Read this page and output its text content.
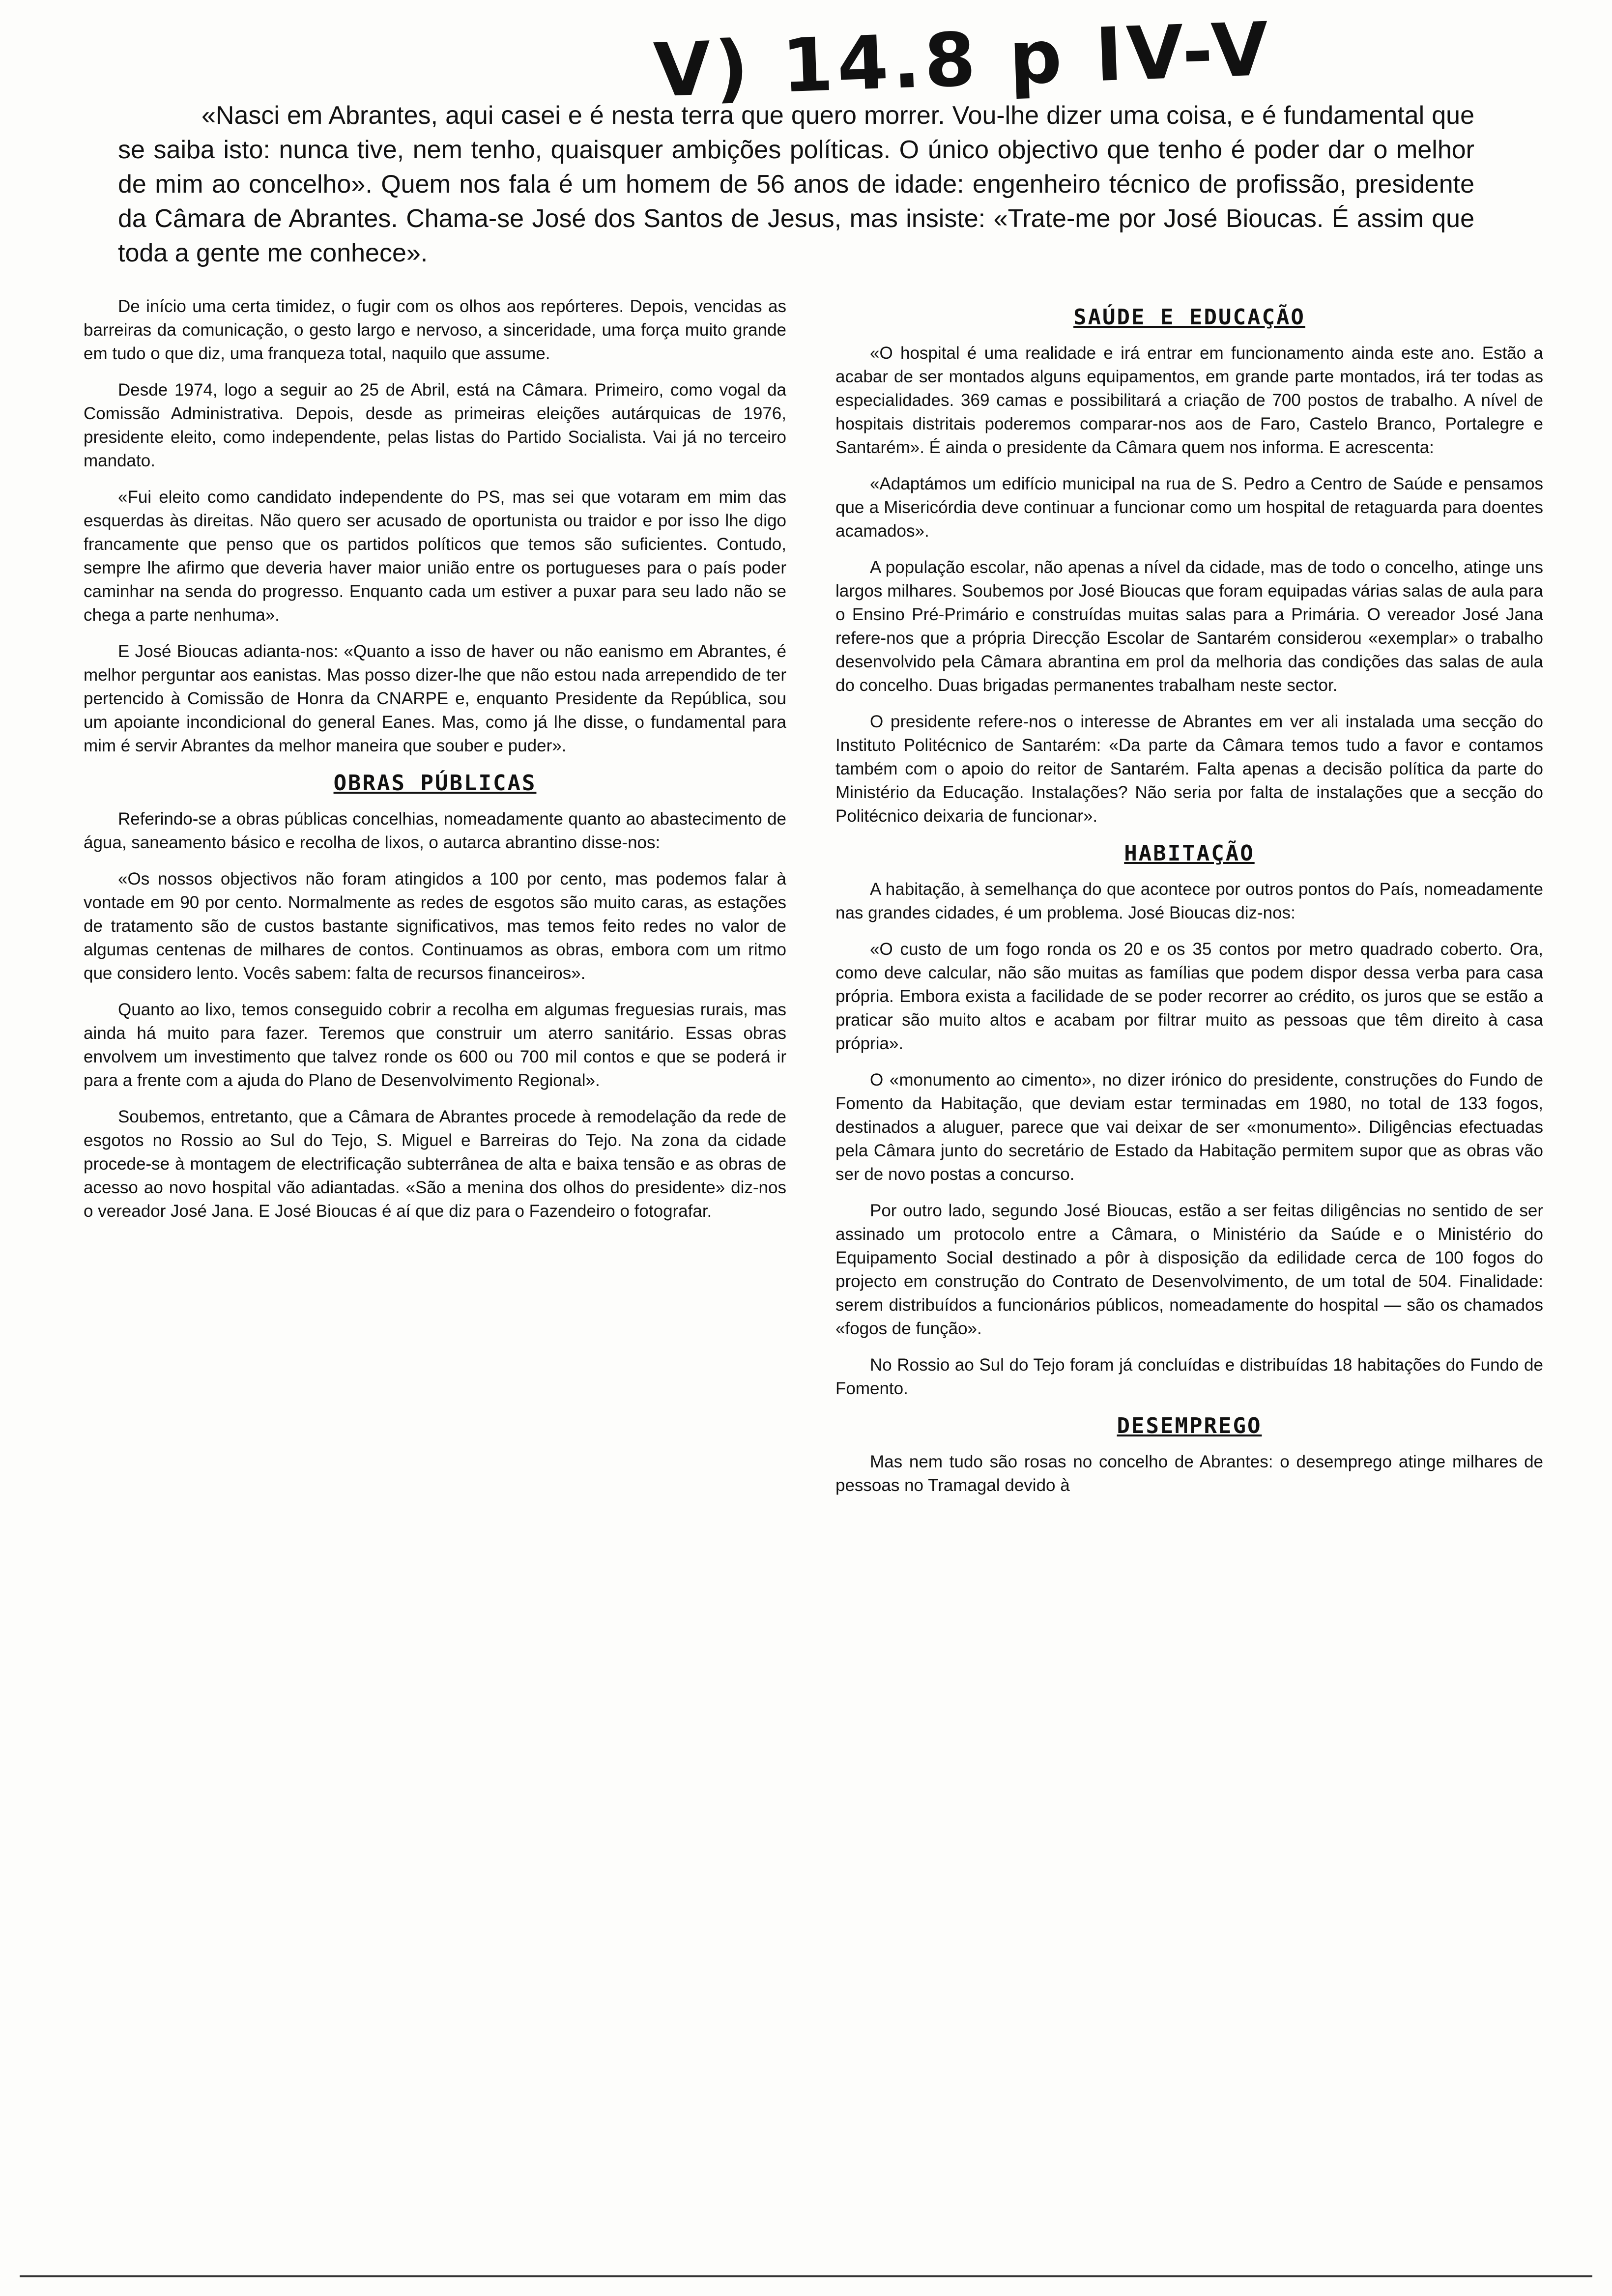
V) 14.8 p IV-V

«Nasci em Abrantes, aqui casei e é nesta terra que quero morrer. Vou-lhe dizer uma coisa, e é fundamental que se saiba isto: nunca tive, nem tenho, quaisquer ambições políticas. O único objectivo que tenho é poder dar o melhor de mim ao concelho». Quem nos fala é um homem de 56 anos de idade: engenheiro técnico de profissão, presidente da Câmara de Abrantes. Chama-se José dos Santos de Jesus, mas insiste: «Trate-me por José Bioucas. É assim que toda a gente me conhece».

De início uma certa timidez, o fugir com os olhos aos repórteres. Depois, vencidas as barreiras da comunicação, o gesto largo e nervoso, a sinceridade, uma força muito grande em tudo o que diz, uma franqueza total, naquilo que assume.

Desde 1974, logo a seguir ao 25 de Abril, está na Câmara. Primeiro, como vogal da Comissão Administrativa. Depois, desde as primeiras eleições autárquicas de 1976, presidente eleito, como independente, pelas listas do Partido Socialista. Vai já no terceiro mandato.

«Fui eleito como candidato independente do PS, mas sei que votaram em mim das esquerdas às direitas. Não quero ser acusado de oportunista ou traidor e por isso lhe digo francamente que penso que os partidos políticos que temos são suficientes. Contudo, sempre lhe afirmo que deveria haver maior união entre os portugueses para o país poder caminhar na senda do progresso. Enquanto cada um estiver a puxar para seu lado não se chega a parte nenhuma».

E José Bioucas adianta-nos: «Quanto a isso de haver ou não eanismo em Abrantes, é melhor perguntar aos eanistas. Mas posso dizer-lhe que não estou nada arrependido de ter pertencido à Comissão de Honra da CNARPE e, enquanto Presidente da República, sou um apoiante incondicional do general Eanes. Mas, como já lhe disse, o fundamental para mim é servir Abrantes da melhor maneira que souber e puder».

OBRAS PÚBLICAS

Referindo-se a obras públicas concelhias, nomeadamente quanto ao abastecimento de água, saneamento básico e recolha de lixos, o autarca abrantino disse-nos:

«Os nossos objectivos não foram atingidos a 100 por cento, mas podemos falar à vontade em 90 por cento. Normalmente as redes de esgotos são muito caras, as estações de tratamento são de custos bastante significativos, mas temos feito redes no valor de algumas centenas de milhares de contos. Continuamos as obras, embora com um ritmo que considero lento. Vocês sabem: falta de recursos financeiros».

Quanto ao lixo, temos conseguido cobrir a recolha em algumas freguesias rurais, mas ainda há muito para fazer. Teremos que construir um aterro sanitário. Essas obras envolvem um investimento que talvez ronde os 600 ou 700 mil contos e que se poderá ir para a frente com a ajuda do Plano de Desenvolvimento Regional».

Soubemos, entretanto, que a Câmara de Abrantes procede à remodelação da rede de esgotos no Rossio ao Sul do Tejo, S. Miguel e Barreiras do Tejo. Na zona da cidade procede-se à montagem de electrificação subterrânea de alta e baixa tensão e as obras de acesso ao novo hospital vão adiantadas. «São a menina dos olhos do presidente» diz-nos o vereador José Jana. E José Bioucas é aí que diz para o Fazendeiro o fotografar.

SAÚDE E EDUCAÇÃO

«O hospital é uma realidade e irá entrar em funcionamento ainda este ano. Estão a acabar de ser montados alguns equipamentos, em grande parte montados, irá ter todas as especialidades. 369 camas e possibilitará a criação de 700 postos de trabalho. A nível de hospitais distritais poderemos comparar-nos aos de Faro, Castelo Branco, Portalegre e Santarém». É ainda o presidente da Câmara quem nos informa. E acrescenta:

«Adaptámos um edifício municipal na rua de S. Pedro a Centro de Saúde e pensamos que a Misericórdia deve continuar a funcionar como um hospital de retaguarda para doentes acamados».

A população escolar, não apenas a nível da cidade, mas de todo o concelho, atinge uns largos milhares. Soubemos por José Bioucas que foram equipadas várias salas de aula para o Ensino Pré-Primário e construídas muitas salas para a Primária. O vereador José Jana refere-nos que a própria Direcção Escolar de Santarém considerou «exemplar» o trabalho desenvolvido pela Câmara abrantina em prol da melhoria das condições das salas de aula do concelho. Duas brigadas permanentes trabalham neste sector.

O presidente refere-nos o interesse de Abrantes em ver ali instalada uma secção do Instituto Politécnico de Santarém: «Da parte da Câmara temos tudo a favor e contamos também com o apoio do reitor de Santarém. Falta apenas a decisão política da parte do Ministério da Educação. Instalações? Não seria por falta de instalações que a secção do Politécnico deixaria de funcionar».

HABITAÇÃO

A habitação, à semelhança do que acontece por outros pontos do País, nomeadamente nas grandes cidades, é um problema. José Bioucas diz-nos:

«O custo de um fogo ronda os 20 e os 35 contos por metro quadrado coberto. Ora, como deve calcular, não são muitas as famílias que podem dispor dessa verba para casa própria. Embora exista a facilidade de se poder recorrer ao crédito, os juros que se estão a praticar são muito altos e acabam por filtrar muito as pessoas que têm direito à casa própria».

O «monumento ao cimento», no dizer irónico do presidente, construções do Fundo de Fomento da Habitação, que deviam estar terminadas em 1980, no total de 133 fogos, destinados a aluguer, parece que vai deixar de ser «monumento». Diligências efectuadas pela Câmara junto do secretário de Estado da Habitação permitem supor que as obras vão ser de novo postas a concurso.

Por outro lado, segundo José Bioucas, estão a ser feitas diligências no sentido de ser assinado um protocolo entre a Câmara, o Ministério da Saúde e o Ministério do Equipamento Social destinado a pôr à disposição da edilidade cerca de 100 fogos do projecto em construção do Contrato de Desenvolvimento, de um total de 504. Finalidade: serem distribuídos a funcionários públicos, nomeadamente do hospital — são os chamados «fogos de função».

No Rossio ao Sul do Tejo foram já concluídas e distribuídas 18 habitações do Fundo de Fomento.

DESEMPREGO

Mas nem tudo são rosas no concelho de Abrantes: o desemprego atinge milhares de pessoas no Tramagal devido à
